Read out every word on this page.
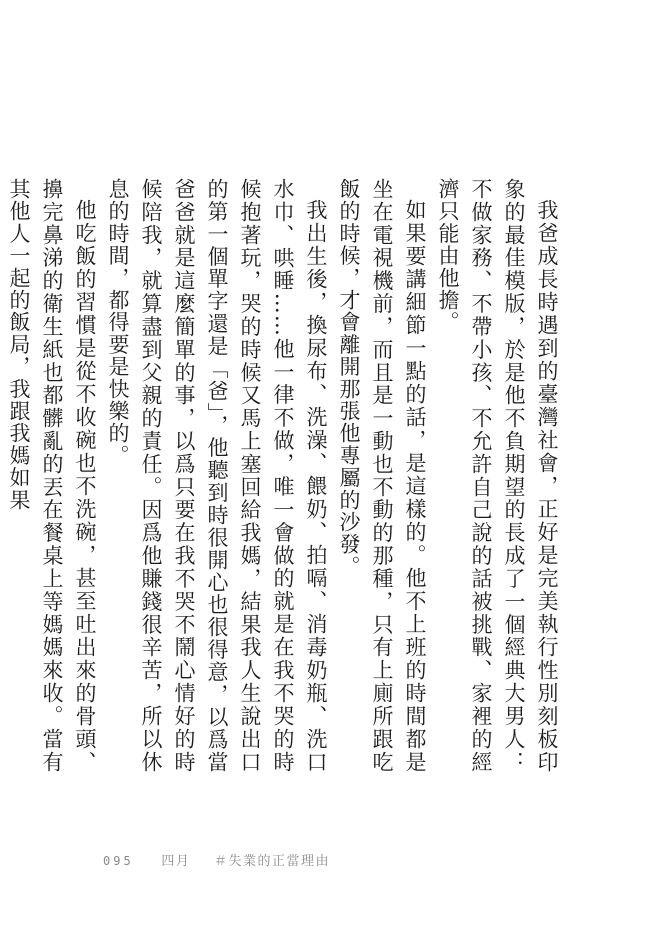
我爸成長時遇到的臺灣社會，正好是完美執行性別刻板印象的最佳模版，於是他不負期望的長成了一個經典大男人：不做家務、不帶小孩、不允許自己說的話被挑戰、家裡的經濟只能由他擔。

如果要講細節一點的話，是這樣的。他不上班的時間都是坐在電視機前，而且是一動也不動的那種，只有上廁所跟吃飯的時候，才會離開那張他專屬的沙發。

我出生後，換尿布、洗澡、餵奶、拍嗝、消毒奶瓶、洗口水巾、哄睡……他一律不做，唯一會做的就是在我不哭的時候抱著玩，哭的時候又馬上塞回給我媽，結果我人生說出口的第一個單字還是「爸」，他聽到時很開心也很得意，以爲當爸爸就是這麼簡單的事，以爲只要在我不哭不鬧心情好的時候陪我，就算盡到父親的責任。因爲他賺錢很辛苦，所以休息的時間，都得要是快樂的。

他吃飯的習慣是從不收碗也不洗碗，甚至吐出來的骨頭、擤完鼻涕的衛生紙也都髒亂的丟在餐桌上等媽媽來收。當有其他人一起的飯局，我跟我媽如果

095 四月 ＃失業的正當理由
